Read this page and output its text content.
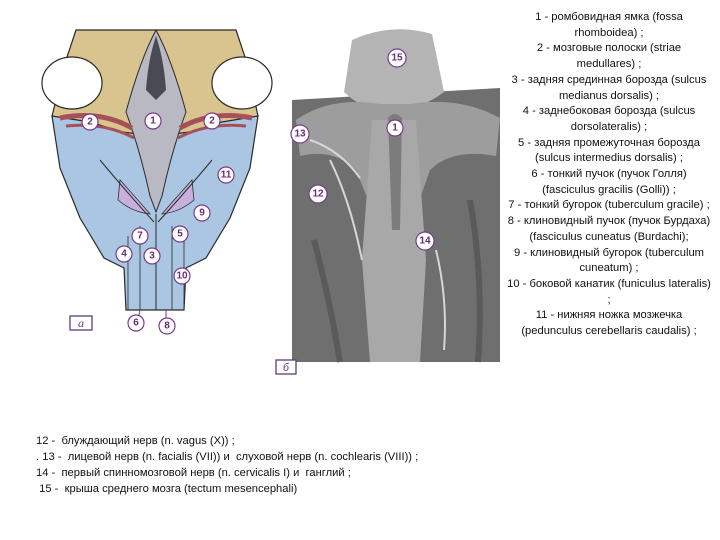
1
2	2
3
4
5
6
7
8
9
10
11
а
15
1
13
12
14
б
1 - ромбовидная ямка (fossa rhomboidea) ;
2 - мозговые полоски (striae medullares) ;
3 - задняя срединная борозда (sulcus medianus dorsalis) ;
4 - заднебоковая борозда (sulcus dorsolateralis) ;
5 - задняя промежуточная борозда (sulcus intermedius dorsalis) ;
6 - тонкий пучок (пучок Голля) (fasciculus gracilis (Golli)) ;
7 - тонкий бугорок (tuberculum gracile) ;
8 - клиновидный пучок (пучок Бурдаха) (fasciculus cuneatus (Burdachi);
9 - клиновидный бугорок (tuberculum cuneatum) ;
10 - боковой канатик (funiculus lateralis) ;
11 - нижняя ножка мозжечка (pedunculus cerebellaris caudalis) ;
12 -  блуждающий нерв (n. vagus (X)) ;
. 13 -  лицевой нерв (n. facialis (VII)) и  слуховой нерв (n. cochlearis (VIII)) ;
14 -  первый спинномозговой нерв (n. cervicalis I) и  ганглий ;
15 -  крыша среднего мозга (tectum mesencephali)
